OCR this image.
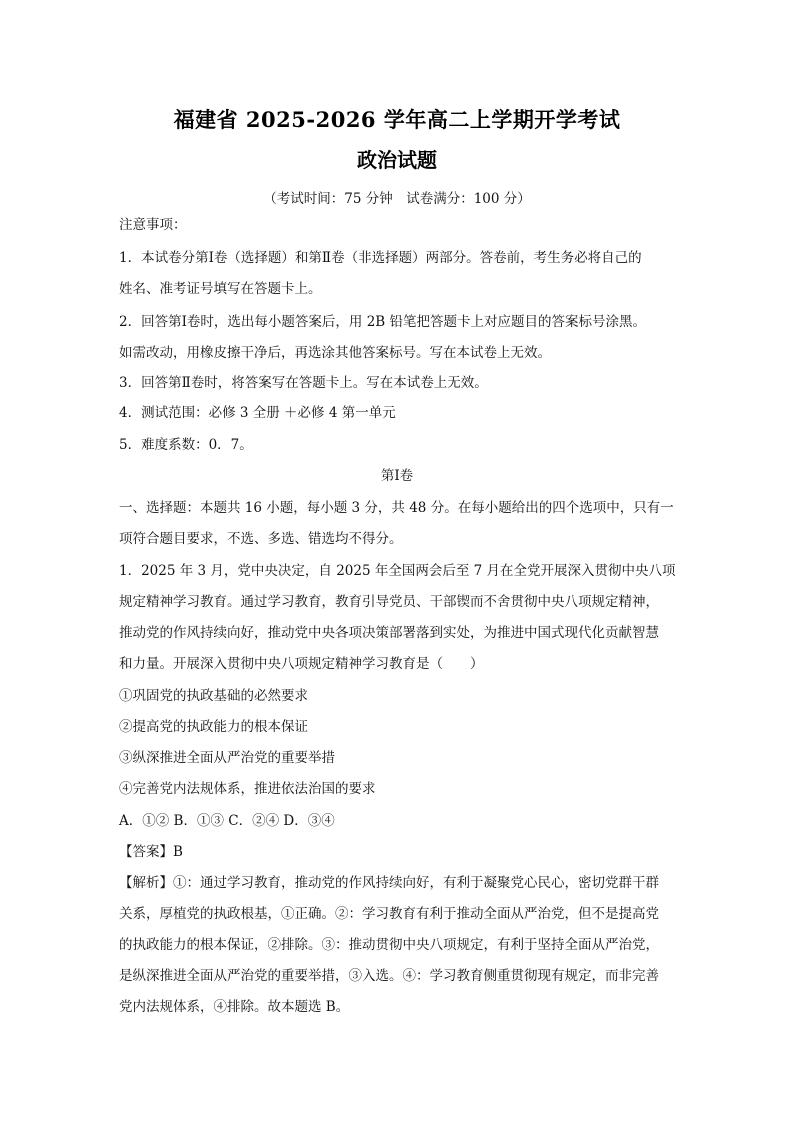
福建省 2025-2026 学年高二上学期开学考试
政治试题
（考试时间：75 分钟　试卷满分：100 分）
注意事项：
1．本试卷分第Ⅰ卷（选择题）和第Ⅱ卷（非选择题）两部分。答卷前，考生务必将自己的
姓名、准考证号填写在答题卡上。
2．回答第Ⅰ卷时，选出每小题答案后，用 2B 铅笔把答题卡上对应题目的答案标号涂黑。
如需改动，用橡皮擦干净后，再选涂其他答案标号。写在本试卷上无效。
3．回答第Ⅱ卷时，将答案写在答题卡上。写在本试卷上无效。
4．测试范围：必修 3 全册 ＋必修 4 第一单元
5．难度系数：0．7。
第Ⅰ卷
一、选择题：本题共 16 小题，每小题 3 分，共 48 分。在每小题给出的四个选项中，只有一
项符合题目要求，不选、多选、错选均不得分。
1．2025 年 3 月，党中央决定，自 2025 年全国两会后至 7 月在全党开展深入贯彻中央八项
规定精神学习教育。通过学习教育，教育引导党员、干部锲而不舍贯彻中央八项规定精神，
推动党的作风持续向好，推动党中央各项决策部署落到实处，为推进中国式现代化贡献智慧
和力量。开展深入贯彻中央八项规定精神学习教育是（　　）
①巩固党的执政基础的必然要求
②提高党的执政能力的根本保证
③纵深推进全面从严治党的重要举措
④完善党内法规体系，推进依法治国的要求
A．①② B．①③ C．②④ D．③④
【答案】B
【解析】①：通过学习教育，推动党的作风持续向好，有利于凝聚党心民心，密切党群干群
关系，厚植党的执政根基，①正确。②：学习教育有利于推动全面从严治党，但不是提高党
的执政能力的根本保证，②排除。③：推动贯彻中央八项规定，有利于坚持全面从严治党，
是纵深推进全面从严治党的重要举措，③入选。④：学习教育侧重贯彻现有规定，而非完善
党内法规体系，④排除。故本题选 B。
